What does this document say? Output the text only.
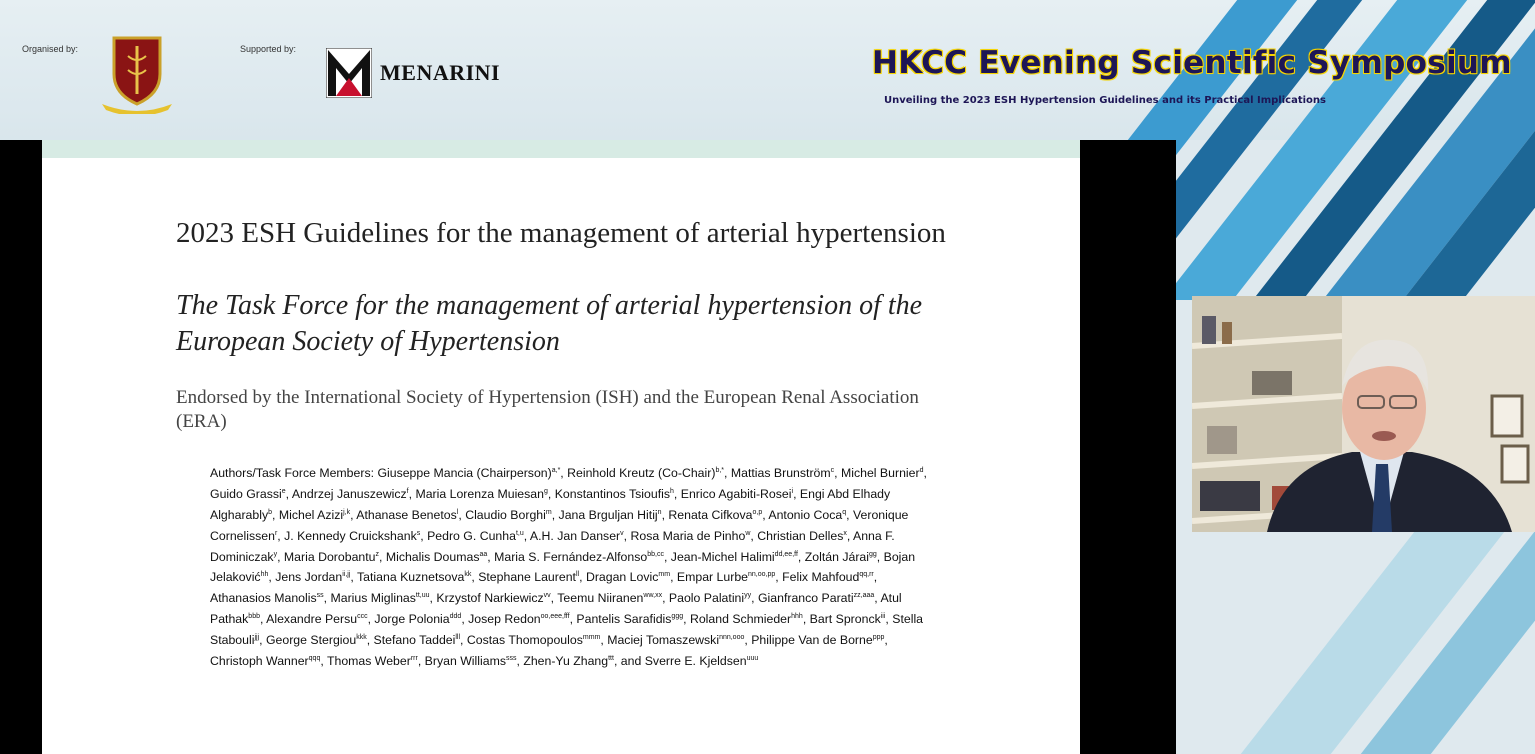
Organised by:	Supported by:
MENARINI	HKCC Evening Scientific Symposium
Unveiling the 2023 ESH Hypertension Guidelines and its Practical Implications
2023 ESH Guidelines for the management of arterial hypertension
The Task Force for the management of arterial hypertension of the European Society of Hypertension
Endorsed by the International Society of Hypertension (ISH) and the European Renal Association (ERA)
Authors/Task Force Members: Giuseppe Mancia (Chairperson)$^{a,*}$, Reinhold Kreutz (Co-Chair)$^{b,*}$, Mattias Brunström$^c$, Michel Burnier$^d$, Guido Grassi$^e$, Andrzej Januszewicz$^f$, Maria Lorenza Muiesan$^g$, Konstantinos Tsioufis$^h$, Enrico Agabiti-Rosei$^i$, Engi Abd Elhady Algharably$^b$, Michel Azizi$^{j,k}$, Athanase Benetos$^l$, Claudio Borghi$^m$, Jana Brguljan Hitij$^n$, Renata Cifkova$^{o,p}$, Antonio Coca$^q$, Veronique Cornelissen$^r$, J. Kennedy Cruickshank$^s$, Pedro G. Cunha$^{t,u}$, A.H. Jan Danser$^v$, Rosa Maria de Pinho$^w$, Christian Delles$^x$, Anna F. Dominiczak$^y$, Maria Dorobantu$^z$, Michalis Doumas$^{aa}$, Maria S. Fernández-Alfonso$^{bb,cc}$, Jean-Michel Halimi$^{dd,ee,ff}$, Zoltán Járai$^{gg}$, Bojan Jelaković$^{hh}$, Jens Jordan$^{ii,jj}$, Tatiana Kuznetsova$^{kk}$, Stephane Laurent$^{ll}$, Dragan Lovic$^{mm}$, Empar Lurbe$^{nn,oo,pp}$, Felix Mahfoud$^{qq,rr}$, Athanasios Manolis$^{ss}$, Marius Miglinas$^{tt,uu}$, Krzystof Narkiewicz$^{vv}$, Teemu Niiranen$^{ww,xx}$, Paolo Palatini$^{yy}$, Gianfranco Parati$^{zz,aaa}$, Atul Pathak$^{bbb}$, Alexandre Persu$^{ccc}$, Jorge Polonia$^{ddd}$, Josep Redon$^{oo,eee,fff}$, Pantelis Sarafidis$^{ggg}$, Roland Schmieder$^{hhh}$, Bart Spronck$^{iii}$, Stella Stabouli$^{jjj}$, George Stergiou$^{kkk}$, Stefano Taddei$^{lll}$, Costas Thomopoulos$^{mmm}$, Maciej Tomaszewski$^{nnn,ooo}$, Philippe Van de Borne$^{ppp}$, Christoph Wanner$^{qqq}$, Thomas Weber$^{rrr}$, Bryan Williams$^{sss}$, Zhen-Yu Zhang$^{ttt}$, and Sverre E. Kjeldsen$^{uuu}$
